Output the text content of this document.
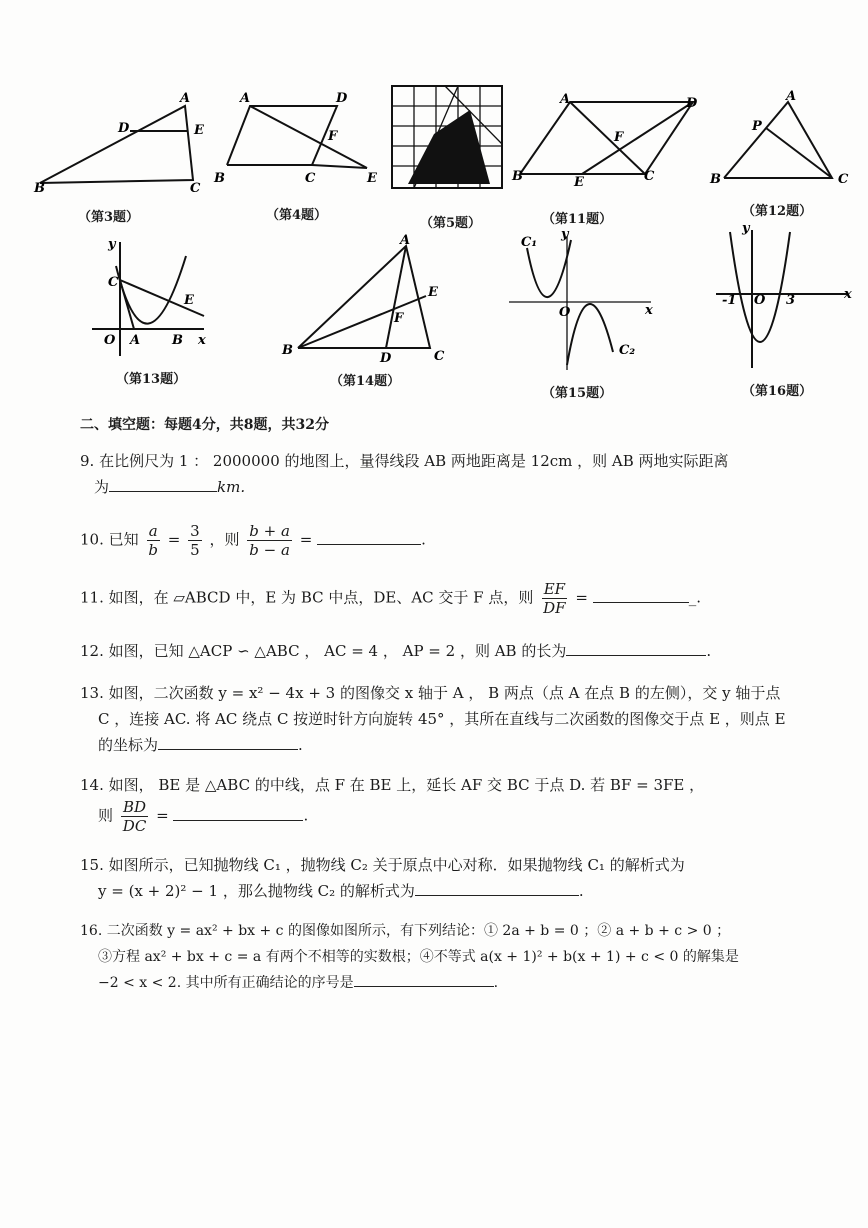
A
D	E
B	C
（第3题）
A	D
F
B	C	E
（第4题）
（第5题）
A	D
F
B	E	C
（第11题）
A
P
B	C
（第12题）
y
C
E
O A B x
（第13题）
A
E
F
B
D	C
（第14题）
C₁
y
O	x
C₂
（第15题）
y
-1 O 3	x
（第16题）
二、填空题：每题4分，共8题，共32分
9. 在比例尺为 1 ： 2000000 的地图上，量得线段 AB 两地距离是 12cm ，则 AB 两地实际距离
为	km.
10. 已知 $\frac{a}{b} = \frac{3}{5}$ ，则 $\frac{b + a}{b - a}$ =	.
11. 如图，在 ▱ABCD 中，E 为 BC 中点，DE、AC 交于 F 点，则 $\frac{EF}{DF}$ =	_.
12. 如图，已知 △ACP ∽ △ABC ， AC = 4 ， AP = 2 ，则 AB 的长为	.
13. 如图，二次函数 y = x² − 4x + 3 的图像交 x 轴于 A ， B 两点（点 A 在点 B 的左侧），交 y 轴于点
C ，连接 AC. 将 AC 绕点 C 按逆时针方向旋转 45° ，其所在直线与二次函数的图像交于点 E ，则点 E
的坐标为	.
14. 如图， BE 是 △ABC 的中线，点 F 在 BE 上，延长 AF 交 BC 于点 D. 若 BF = 3FE ，
则 $\frac{BD}{DC}$ =	.
15. 如图所示，已知抛物线 C₁ ，抛物线 C₂ 关于原点中心对称．如果抛物线 C₁ 的解析式为
y = (x + 2)² − 1 ，那么抛物线 C₂ 的解析式为	.
16. 二次函数 y = ax² + bx + c 的图像如图所示，有下列结论：① 2a + b = 0 ；② a + b + c > 0 ；
③方程 ax² + bx + c = a 有两个不相等的实数根；④不等式 a(x + 1)² + b(x + 1) + c < 0 的解集是
−2 < x < 2. 其中所有正确结论的序号是	.
